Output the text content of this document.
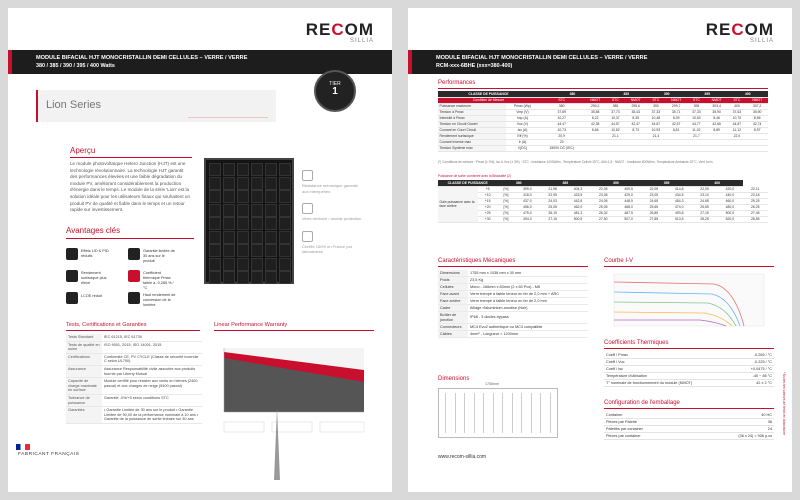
RECOM
SILLIA
MODULE BIFACIAL HJT MONOCRISTALLIN DEMI CELLULES – VERRE / VERRE
380 / 385 / 390 / 395 / 400 Watts
Lion Series
TIER
1
Aperçu
Le module photovoltaïque Hetero Junction (HJT) est une technologie révolutionnaire. La technologie HJT garantit des performances élevées et une faible dégradation du module PV, améliorant considérablement la production d'énergie dans le temps. Le module de la série 'Lion' est la solution idéale pour les utilisateurs finaux qui souhaitent un produit PV de qualité et fiable dans le temps et un retour rapide sur investissement.
Résistance mécanique garantie aux intempéries
Verre renforcé / double protection
Certifié 100% en France par laboratoires
Avantages clés
Effets LID & PID réduits
Garantie limitée de 30 ans sur le produit
Rendement surfacique plus élevé
Coefficient thermique Pmax faible à -0,265 % / °C
LCOE réduit	Haut rendement de conversion de la lumière
Tests, Certifications et Garanties
Tests Standard	IEC 61215, IEC 61730
Tests de qualité en usine	ISO 9001, 2015, ISO 14001, 2015
Certifications	Conformité CE, PV CYCLE (Classe de sécurité incendie C selon UL790)
Assurance	Assurance Responsabilité civile associée aux produits fournie par Liberty Mutual
Capacité de charge maximale en surface	Module certifié pour résister aux vents en hiémes (2400 pascal) et aux charges de neige (5400 pascal)
Tolérance de puissance	Garantie -0%/+5 selon conditions STC
Garanties	• Garantie Limitée de 30 ans sur le produit • Garantie Limitée de 90,00 de la performance nominale à 10 ans • Garantie de la puissance de sortie linéaire sur 30 ans
Linear Performance Warranty
FABRICANT FRANÇAIS
RECOM
SILLIA
MODULE BIFACIAL HJT MONOCRISTALLIN DEMI CELLULES – VERRE / VERRE
RCM-xxx-6BHE (xxx=380-400)
Performances
CLASSE DE PUISSANCE		380		385		390		395		400	
Condition de Mesure		STC	NMOT	STC	NMOT	STC	NMOT	STC	NMOT	STC	NMOT
Puissance maximum	Pmax (Wp)	380	290,2	385	295,6	390	299,7	395	303,4	400	307,2
Tension à Pmax	Vmp (V)	37,89	35,58	37,73	35,43	37,33	35,71	37,33	35,90	37,63	35,90
Intensité à Pmax	Imp (A)	10,27	8,22	10,37	8,35	10,48	8,39	10,60	8,46	10,70	8,56
Tension en Circuit Ouvert	Voc (V)	44,47	42,38	44,57	42,47	44,67	42,57	44,77	42,66	44,87	42,74
Courant en Court Circuit	Isc (A)	10,73	8,66	10,82	8,73	10,93	8,81	11,02	8,89	11,12	8,97
Rendement surfacique	Eff (%)	20,9		21,1		21,4		21,7		22,0	
Courant Inverse max	Ir (A)	20									
Tension Système max	V(DC)	1500V DC (IEC)									
(*) Conditions de mesure : Pmax (± 3%), Isc & Voc (± 3%) · STC : Irradiance 1000W/m², Température Cellule 25°C, AM=1,5 · NMOT : Irradiance 800W/m², Température Ambiante 20°C, Vent 1m/s
Puissance de sortie combinée avec la Bifacialité (2)
CLASSE DE PUISSANCE		380		385		390		395		400		
Gain puissance avec la face arrière	+5	[%]	399,0	21,98	404,3	22,05	409,5	22,05	414,8	22,05	420,0	22,11
	+10	[%]	418,0	22,95	423,5	23,05	429,0	23,05	434,5	23,10	440,0	23,18
	+15	[%]	437,0	24,03	442,8	24,05	448,5	24,65	454,3	24,65	460,0	25,25
	+20	[%]	456,0	25,05	462,0	25,05	468,0	25,65	474,0	25,65	480,0	26,25
	+25	[%]	475,0	26,19	481,3	26,32	487,5	26,85	493,8	27,15	500,0	27,45
	+30	[%]	494,0	27,15	500,5	27,50	507,0	27,85	513,5	28,25	520,0	28,55
Caractéristiques Mécaniques
Dimensions	1755 mm x 1038 mm x 30 mm
Poids	23,5 Kg
Cellules	Mono - 166mm x 83mm (2 x 60 Pcs) - M6
Face avant	Verre trempé à faible teneur en fer de 2,0 mm + ARC
Face arrière	Verre trempé à faible teneur en fer de 2,0 mm
Cadre	Alliage d'aluminium anodisé (Noir)
Boîtier de jonction	IP68 - 3 diodes bypass
Connecteurs	MC4 Evo2 authentique ou MC4 compatible
Câbles	4mm² - Longueur = 1200mm
Courbe I-V
Coefficients Thermiques
Coeff / Pmax	-0,265 / °C
Coeff / Voc	-0,225 / °C
Coeff / Isc	+0,0475 / °C
Température d'utilisation	-40 ~ 85 °C
T° nominale de fonctionnement du module (NMOT)	42 ± 2 °C
Configuration de l'emballage
Container	40 HC
Pièces par Palette	36
Palettes par container	24
Pièces par container	(36 x 24) = 936 p.cs
Dimensions
1755mm
www.recom-sillia.com
*Toutes les valeurs de tests en laboratoire
